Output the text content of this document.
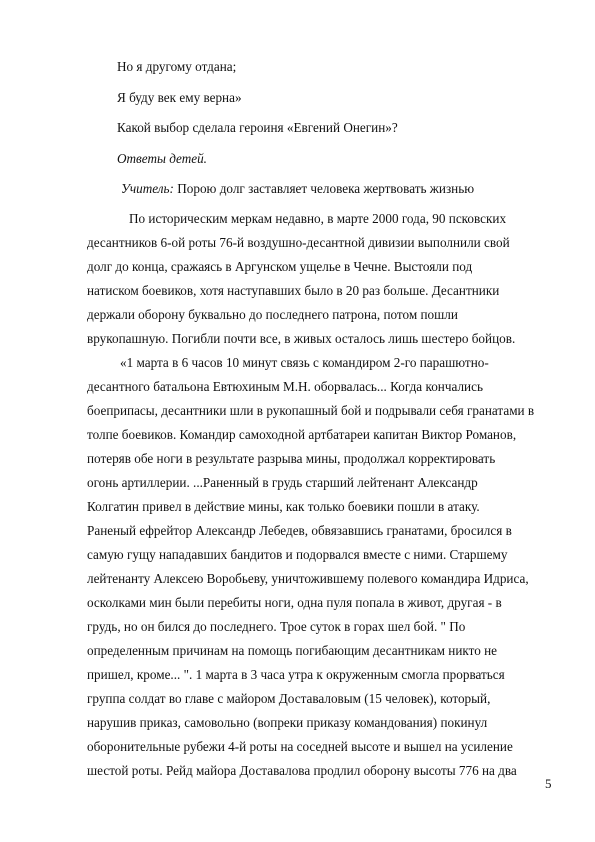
Но я другому отдана;

Я буду век ему верна»

Какой выбор сделала героиня «Евгений Онегин»?

Ответы детей.

Учитель: Порою долг заставляет человека жертвовать жизнью

По историческим меркам недавно, в марте 2000 года, 90 псковских

десантников 6-ой роты 76-й воздушно-десантной дивизии выполнили свой

долг до конца, сражаясь в Аргунском ущелье в Чечне. Выстояли под

натиском боевиков, хотя наступавших было в 20 раз больше. Десантники

держали оборону буквально до последнего патрона, потом пошли

врукопашную. Погибли почти все, в живых осталось лишь шестеро бойцов.

«1 марта в 6 часов 10 минут связь с командиром 2-го парашютно-

десантного батальона Евтюхиным М.Н. оборвалась... Когда кончались

боеприпасы, десантники шли в рукопашный бой и подрывали себя гранатами в

толпе боевиков. Командир самоходной артбатареи капитан Виктор Романов,

потеряв обе ноги в результате разрыва мины, продолжал корректировать

огонь артиллерии. ...Раненный в грудь старший лейтенант Александр

Колгатин привел в действие мины, как только боевики пошли в атаку.

Раненый ефрейтор Александр Лебедев, обвязавшись гранатами, бросился в

самую гущу нападавших бандитов и подорвался вместе с ними. Старшему

лейтенанту Алексею Воробьеву, уничтожившему полевого командира Идриса,

осколками мин были перебиты ноги, одна пуля попала в живот, другая - в

грудь, но он бился до последнего. Трое суток в горах шел бой. " По

определенным причинам на помощь погибающим десантникам никто не

пришел, кроме... ". 1 марта в 3 часа утра к окруженным смогла прорваться

группа солдат во главе с майором Доставаловым (15 человек), который,

нарушив приказ, самовольно (вопреки приказу командования) покинул

оборонительные рубежи 4-й роты на соседней высоте и вышел на усиление

шестой роты. Рейд майора Доставалова продлил оборону высоты 776 на два

5
